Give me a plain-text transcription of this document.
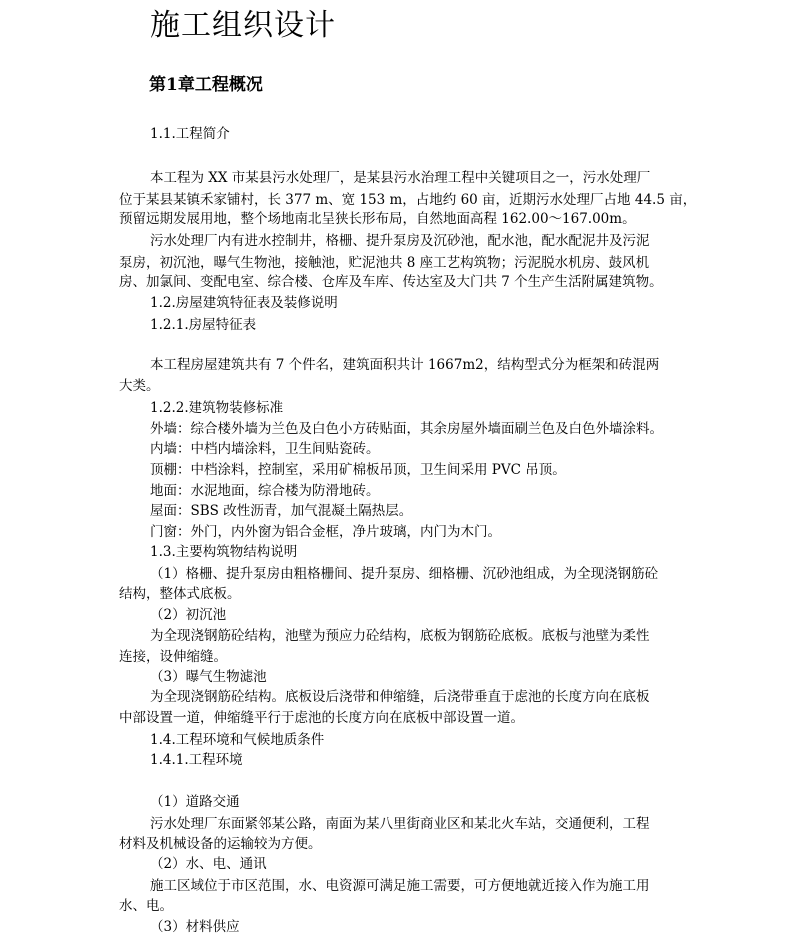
施工组织设计
第1章工程概况
1.1.工程简介
本工程为 XX 市某县污水处理厂，是某县污水治理工程中关键项目之一，污水处理厂
位于某县某镇禾家铺村，长 377 m、宽 153 m，占地约 60 亩，近期污水处理厂占地 44.5 亩，
预留远期发展用地，整个场地南北呈狭长形布局，自然地面高程 162.00～167.00m。
污水处理厂内有进水控制井，格栅、提升泵房及沉砂池，配水池，配水配泥井及污泥
泵房，初沉池，曝气生物池，接触池，贮泥池共 8 座工艺构筑物；污泥脱水机房、鼓风机
房、加氯间、变配电室、综合楼、仓库及车库、传达室及大门共 7 个生产生活附属建筑物。
1.2.房屋建筑特征表及装修说明
1.2.1.房屋特征表
本工程房屋建筑共有 7 个件名，建筑面积共计 1667m2，结构型式分为框架和砖混两
大类。
1.2.2.建筑物装修标准
外墙：综合楼外墙为兰色及白色小方砖贴面，其余房屋外墙面刷兰色及白色外墙涂料。
内墙：中档内墙涂料，卫生间贴瓷砖。
顶棚：中档涂料，控制室，采用矿棉板吊顶，卫生间采用 PVC 吊顶。
地面：水泥地面，综合楼为防滑地砖。
屋面：SBS 改性沥青，加气混凝土隔热层。
门窗：外门，内外窗为铝合金框，净片玻璃，内门为木门。
1.3.主要构筑物结构说明
（1）格栅、提升泵房由粗格栅间、提升泵房、细格栅、沉砂池组成，为全现浇钢筋砼
结构，整体式底板。
（2）初沉池
为全现浇钢筋砼结构，池壁为预应力砼结构，底板为钢筋砼底板。底板与池壁为柔性
连接，设伸缩缝。
（3）曝气生物滤池
为全现浇钢筋砼结构。底板设后浇带和伸缩缝，后浇带垂直于虑池的长度方向在底板
中部设置一道，伸缩缝平行于虑池的长度方向在底板中部设置一道。
1.4.工程环境和气候地质条件
1.4.1.工程环境
（1）道路交通
污水处理厂东面紧邻某公路，南面为某八里街商业区和某北火车站，交通便利，工程
材料及机械设备的运输较为方便。
（2）水、电、通讯
施工区域位于市区范围，水、电资源可满足施工需要，可方便地就近接入作为施工用
水、电。
（3）材料供应
